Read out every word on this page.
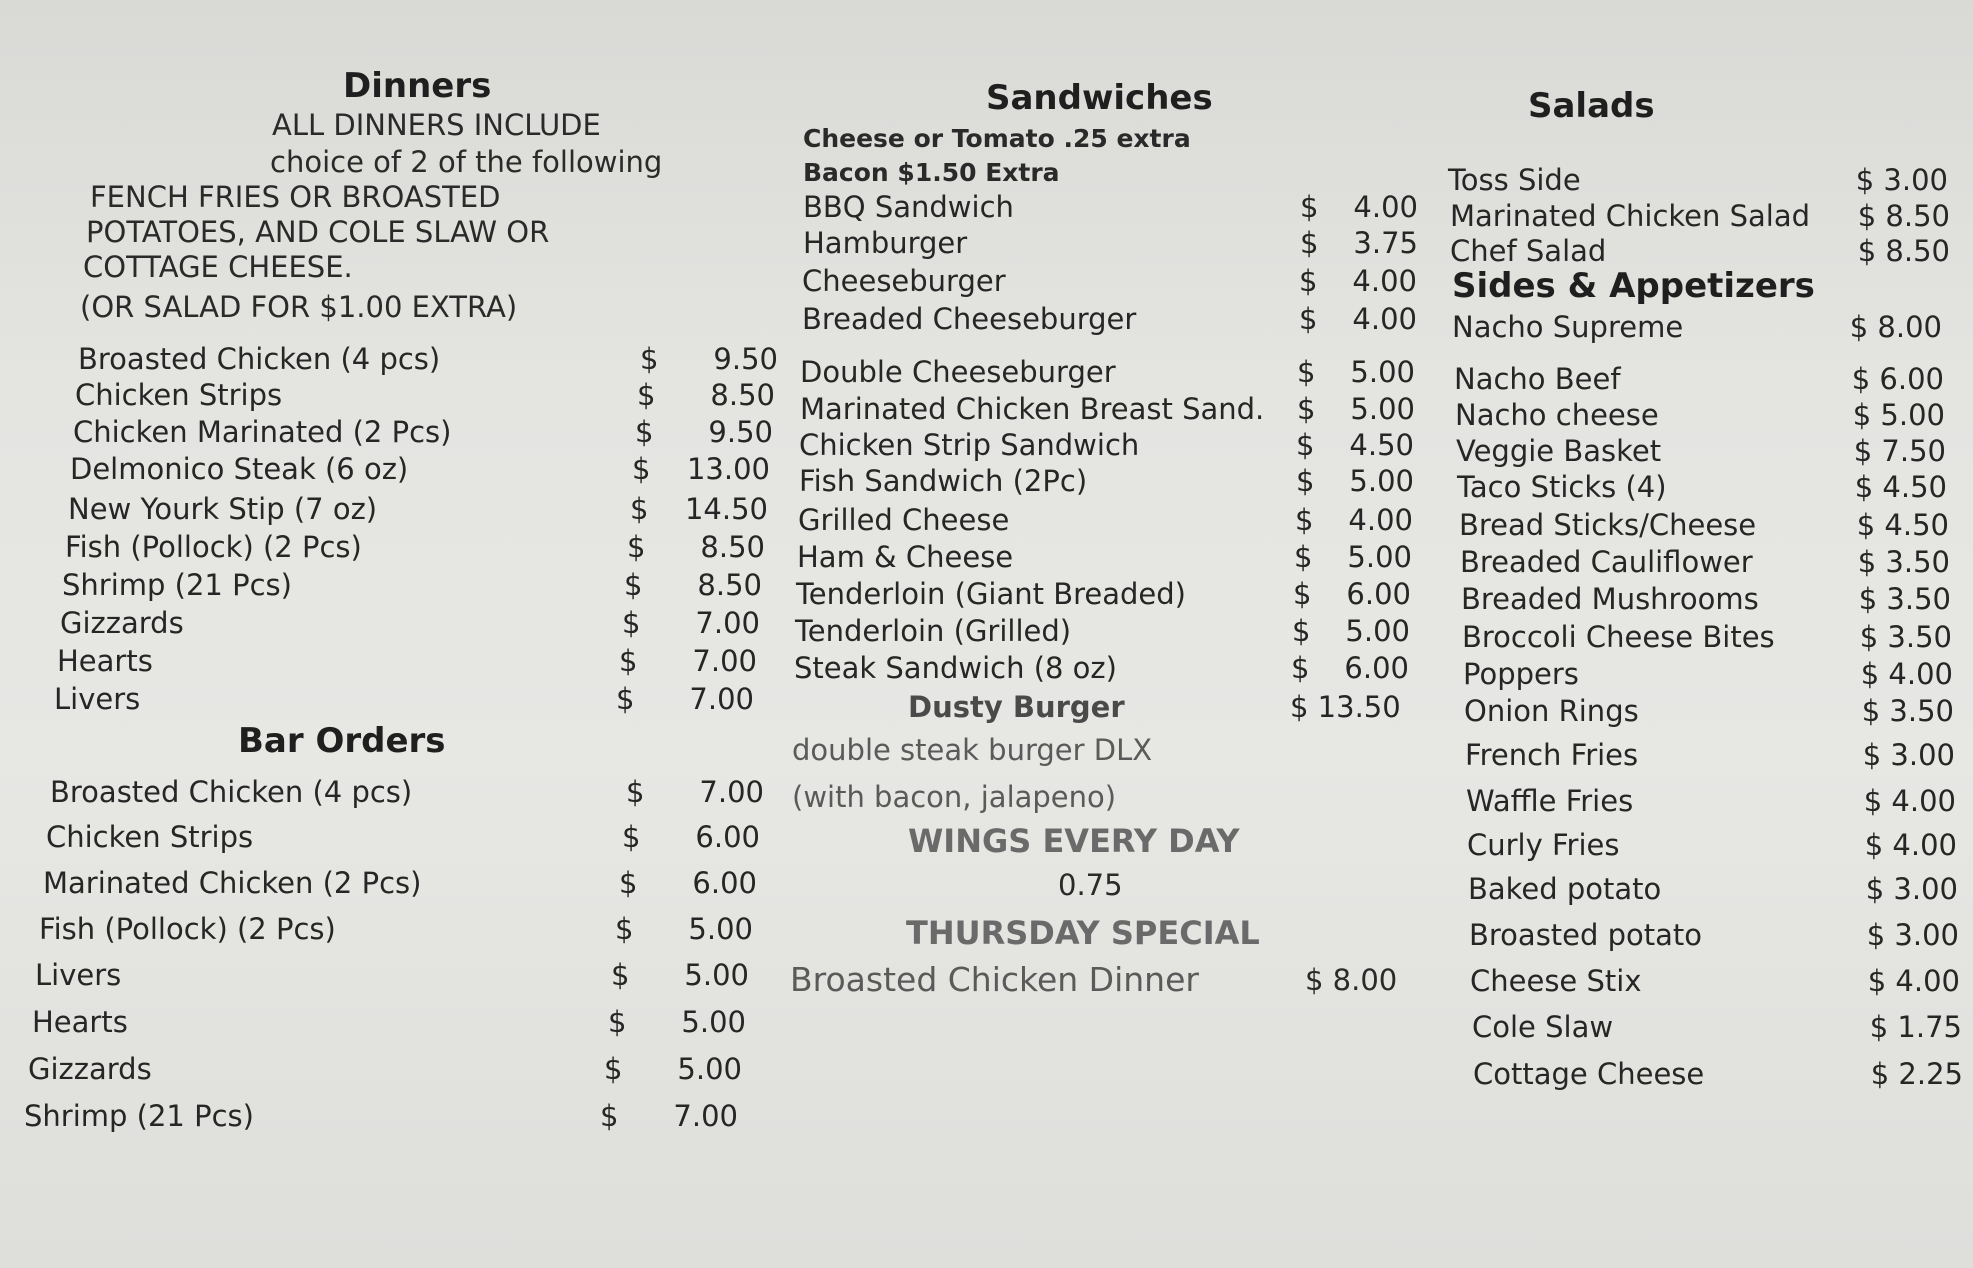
Dinners
ALL DINNERS INCLUDE
choice of 2 of the following
FENCH FRIES OR BROASTED
POTATOES, AND COLE SLAW OR
COTTAGE CHEESE.
(OR SALAD FOR $1.00 EXTRA)
Broasted Chicken (4 pcs)	$	9.50
Chicken Strips	$	8.50
Chicken Marinated (2 Pcs)	$	9.50
Delmonico Steak (6 oz)	$	13.00
New Yourk Stip (7 oz)	$	14.50
Fish (Pollock) (2 Pcs)	$	8.50
Shrimp (21 Pcs)	$	8.50
Gizzards	$	7.00
Hearts	$	7.00
Livers	$	7.00
Bar Orders
Broasted Chicken (4 pcs)	$	7.00
Chicken Strips	$	6.00
Marinated Chicken (2 Pcs)	$	6.00
Fish (Pollock) (2 Pcs)	$	5.00
Livers	$	5.00
Hearts	$	5.00
Gizzards	$	5.00
Shrimp (21 Pcs)	$	7.00
Sandwiches
Cheese or Tomato .25 extra
Bacon $1.50 Extra
BBQ Sandwich	$	4.00
Hamburger	$	3.75
Cheeseburger	$	4.00
Breaded Cheeseburger	$	4.00
Double Cheeseburger	$	5.00
Marinated Chicken Breast Sand. $	5.00
Chicken Strip Sandwich	$	4.50
Fish Sandwich (2Pc)	$	5.00
Grilled Cheese	$	4.00
Ham & Cheese	$	5.00
Tenderloin (Giant Breaded)	$	6.00
Tenderloin (Grilled)	$	5.00
Steak Sandwich (8 oz)	$	6.00
Dusty Burger	$ 13.50
double steak burger DLX
(with bacon, jalapeno)
WINGS EVERY DAY
0.75
THURSDAY SPECIAL
Broasted Chicken Dinner	$ 8.00
Salads
Toss Side	$ 3.00
Marinated Chicken Salad	$ 8.50
Chef Salad	$ 8.50
Sides & Appetizers
Nacho Supreme	$ 8.00
Nacho Beef	$ 6.00
Nacho cheese	$ 5.00
Veggie Basket	$ 7.50
Taco Sticks (4)	$ 4.50
Bread Sticks/Cheese	$ 4.50
Breaded Cauliflower	$ 3.50
Breaded Mushrooms	$ 3.50
Broccoli Cheese Bites	$ 3.50
Poppers	$ 4.00
Onion Rings	$ 3.50
French Fries	$ 3.00
Waffle Fries	$ 4.00
Curly Fries	$ 4.00
Baked potato	$ 3.00
Broasted potato	$ 3.00
Cheese Stix	$ 4.00
Cole Slaw	$ 1.75
Cottage Cheese	$ 2.25
